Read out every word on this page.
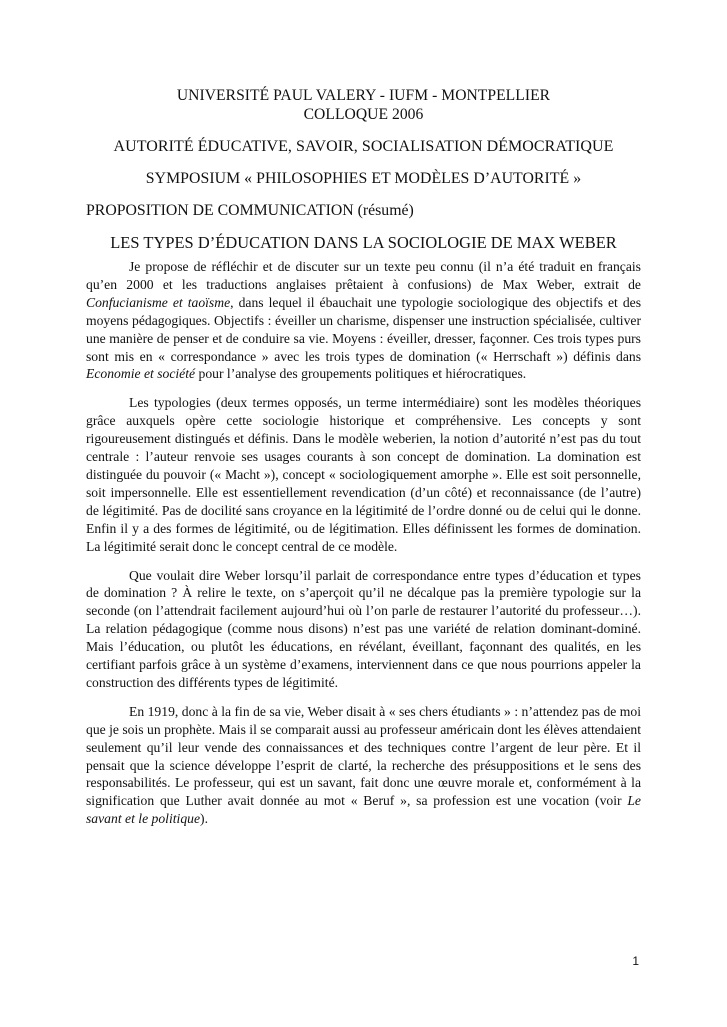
UNIVERSITÉ PAUL VALERY - IUFM - MONTPELLIER
COLLOQUE 2006

AUTORITÉ ÉDUCATIVE, SAVOIR, SOCIALISATION DÉMOCRATIQUE

SYMPOSIUM « PHILOSOPHIES ET MODÈLES D’AUTORITÉ »

PROPOSITION DE COMMUNICATION (résumé)

LES TYPES D’ÉDUCATION DANS LA SOCIOLOGIE DE MAX WEBER

Je propose de réfléchir et de discuter sur un texte peu connu (il n’a été traduit en français qu’en 2000 et les traductions anglaises prêtaient à confusions) de Max Weber, extrait de Confucianisme et taoïsme, dans lequel il ébauchait une typologie sociologique des objectifs et des moyens pédagogiques. Objectifs : éveiller un charisme, dispenser une instruction spécialisée, cultiver une manière de penser et de conduire sa vie. Moyens : éveiller, dresser, façonner. Ces trois types purs sont mis en « correspondance » avec les trois types de domination (« Herrschaft ») définis dans Economie et société pour l’analyse des groupements politiques et hiérocratiques.

Les typologies (deux termes opposés, un terme intermédiaire) sont les modèles théoriques grâce auxquels opère cette sociologie historique et compréhensive. Les concepts y sont rigoureusement distingués et définis. Dans le modèle weberien, la notion d’autorité n’est pas du tout centrale : l’auteur renvoie ses usages courants à son concept de domination. La domination est distinguée du pouvoir (« Macht »), concept « sociologiquement amorphe ». Elle est soit personnelle, soit impersonnelle. Elle est essentiellement revendication (d’un côté) et reconnaissance (de l’autre) de légitimité. Pas de docilité sans croyance en la légitimité de l’ordre donné ou de celui qui le donne. Enfin il y a des formes de légitimité, ou de légitimation. Elles définissent les formes de domination. La légitimité serait donc le concept central de ce modèle.

Que voulait dire Weber lorsqu’il parlait de correspondance entre types d’éducation et types de domination ? À relire le texte, on s’aperçoit qu’il ne décalque pas la première typologie sur la seconde (on l’attendrait facilement aujourd’hui où l’on parle de restaurer l’autorité du professeur…). La relation pédagogique (comme nous disons) n’est pas une variété de relation dominant-dominé. Mais l’éducation, ou plutôt les éducations, en révélant, éveillant, façonnant des qualités, en les certifiant parfois grâce à un système d’examens, interviennent dans ce que nous pourrions appeler la construction des différents types de légitimité.

En 1919, donc à la fin de sa vie, Weber disait à « ses chers étudiants » : n’attendez pas de moi que je sois un prophète. Mais il se comparait aussi au professeur américain dont les élèves attendaient seulement qu’il leur vende des connaissances et des techniques contre l’argent de leur père. Et il pensait que la science développe l’esprit de clarté, la recherche des présuppositions et le sens des responsabilités. Le professeur, qui est un savant, fait donc une œuvre morale et, conformément à la signification que Luther avait donnée au mot « Beruf », sa profession est une vocation (voir Le savant et le politique).

1
